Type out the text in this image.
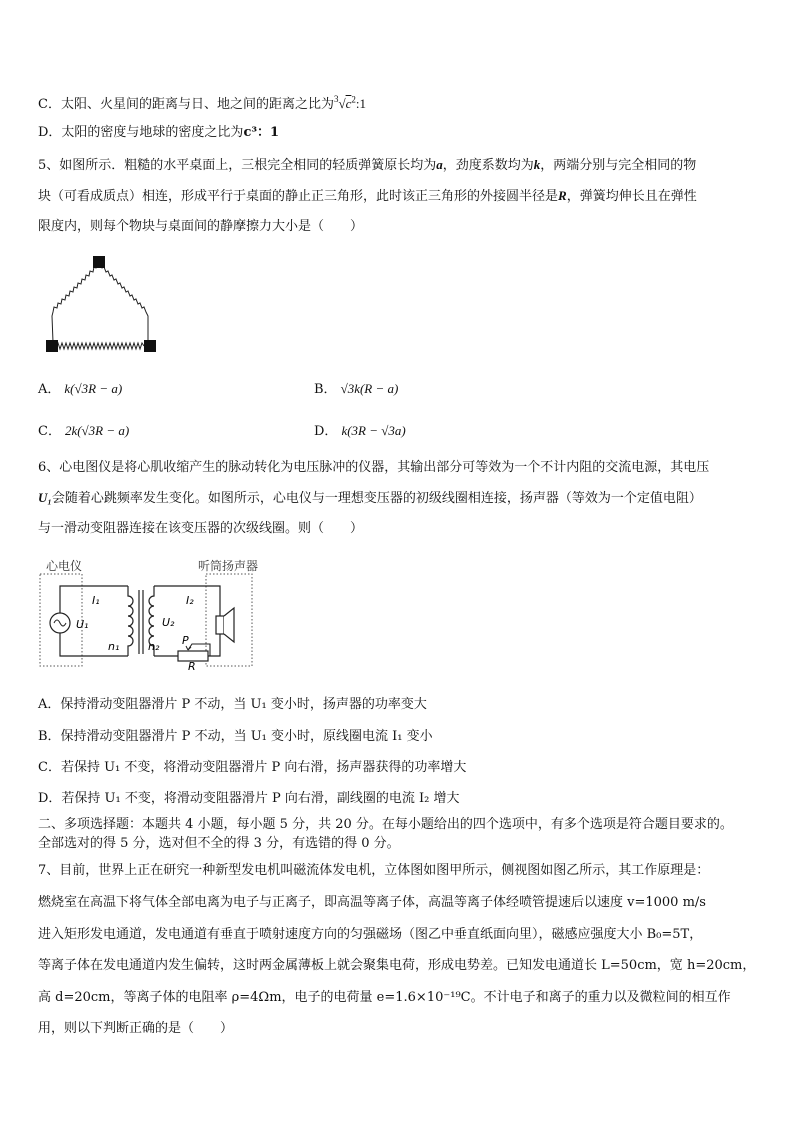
C．太阳、火星间的距离与日、地之间的距离之比为$^3√c^2:1$
D．太阳的密度与地球的密度之比为c³：1
5、如图所示．粗糙的水平桌面上，三根完全相同的轻质弹簧原长均为a，劲度系数均为k，两端分别与完全相同的物
块（可看成质点）相连，形成平行于桌面的静止正三角形，此时该正三角形的外接圆半径是R，弹簧均伸长且在弹性
限度内，则每个物块与桌面间的静摩擦力大小是（　　）
A． k(√3R − a)	B． √3k(R − a)
C． 2k(√3R − a)	D． k(3R − √3a)
6、心电图仪是将心肌收缩产生的脉动转化为电压脉冲的仪器，其输出部分可等效为一个不计内阻的交流电源，其电压
U₁会随着心跳频率发生变化。如图所示，心电仪与一理想变压器的初级线圈相连接，扬声器（等效为一个定值电阻）
与一滑动变阻器连接在该变压器的次级线圈。则（　　）
心电仪	听筒扬声器
I₁
U₁
n₁
U₂
n₂
I₂
P
R
A．保持滑动变阻器滑片 P 不动，当 U₁ 变小时，扬声器的功率变大
B．保持滑动变阻器滑片 P 不动，当 U₁ 变小时，原线圈电流 I₁ 变小
C．若保持 U₁ 不变，将滑动变阻器滑片 P 向右滑，扬声器获得的功率增大
D．若保持 U₁ 不变，将滑动变阻器滑片 P 向右滑，副线圈的电流 I₂ 增大
二、多项选择题：本题共 4 小题，每小题 5 分，共 20 分。在每小题给出的四个选项中，有多个选项是符合题目要求的。
全部选对的得 5 分，选对但不全的得 3 分，有选错的得 0 分。
7、目前，世界上正在研究一种新型发电机叫磁流体发电机，立体图如图甲所示，侧视图如图乙所示，其工作原理是：
燃烧室在高温下将气体全部电离为电子与正离子，即高温等离子体，高温等离子体经喷管提速后以速度 v=1000 m/s
进入矩形发电通道，发电通道有垂直于喷射速度方向的匀强磁场（图乙中垂直纸面向里），磁感应强度大小 B₀=5T，
等离子体在发电通道内发生偏转，这时两金属薄板上就会聚集电荷，形成电势差。已知发电通道长 L=50cm，宽 h=20cm，
高 d=20cm，等离子体的电阻率 ρ=4Ωm，电子的电荷量 e=1.6×10⁻¹⁹C。不计电子和离子的重力以及微粒间的相互作
用，则以下判断正确的是（　　）
